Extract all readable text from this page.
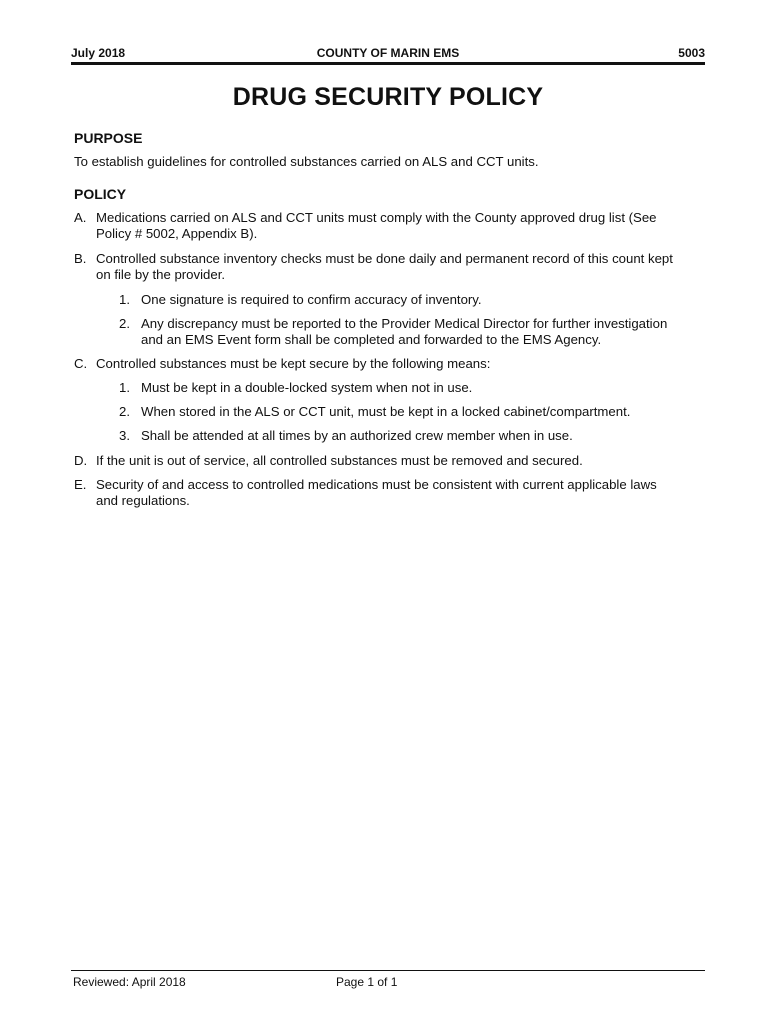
July 2018	COUNTY OF MARIN EMS	5003
DRUG SECURITY POLICY
PURPOSE
To establish guidelines for controlled substances carried on ALS and CCT units.
POLICY
A. Medications carried on ALS and CCT units must comply with the County approved drug list (See
Policy # 5002, Appendix B).
B. Controlled substance inventory checks must be done daily and permanent record of this count kept
on file by the provider.
1. One signature is required to confirm accuracy of inventory.
2. Any discrepancy must be reported to the Provider Medical Director for further investigation
and an EMS Event form shall be completed and forwarded to the EMS Agency.
C. Controlled substances must be kept secure by the following means:
1. Must be kept in a double-locked system when not in use.
2. When stored in the ALS or CCT unit, must be kept in a locked cabinet/compartment.
3. Shall be attended at all times by an authorized crew member when in use.
D. If the unit is out of service, all controlled substances must be removed and secured.
E. Security of and access to controlled medications must be consistent with current applicable laws
and regulations.
Reviewed: April 2018	Page 1 of 1
